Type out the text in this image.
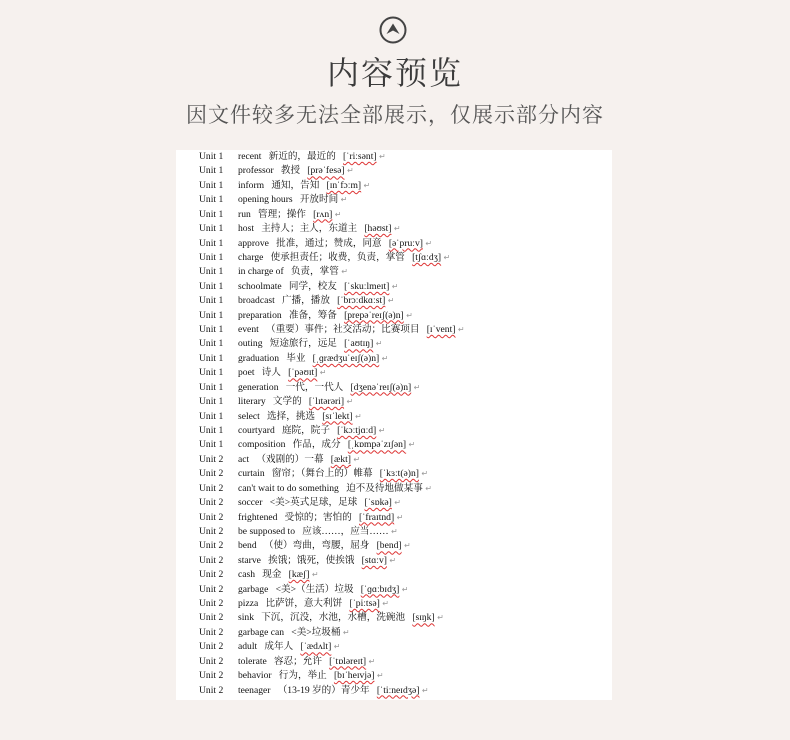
内容预览
因文件较多无法全部展示，仅展示部分内容
Unit 1 recent 新近的，最近的 [ˈriːsənt] ↵
Unit 1 professor 教授 [prəˈfesə] ↵
Unit 1 inform 通知，告知 [ɪnˈfɔːm] ↵
Unit 1 opening hours 开放时间 ↵
Unit 1 run 管理；操作 [rʌn] ↵
Unit 1 host 主持人；主人，东道主 [həʊst] ↵
Unit 1 approve 批准，通过；赞成，同意 [əˈpruːv] ↵
Unit 1 charge 使承担责任；收费，负责，掌管 [tʃɑːdʒ] ↵
Unit 1 in charge of 负责，掌管 ↵
Unit 1 schoolmate 同学，校友 [ˈskuːlmeɪt] ↵
Unit 1 broadcast 广播，播放 [ˈbrɔːdkɑːst] ↵
Unit 1 preparation 准备，筹备 [prepəˈreɪʃ(ə)n] ↵
Unit 1 event （重要）事件；社交活动；比赛项目 [ɪˈvent] ↵
Unit 1 outing 短途旅行，远足 [ˈaʊtɪŋ] ↵
Unit 1 graduation 毕业 [ˌɡrædʒuˈeɪʃ(ə)n] ↵
Unit 1 poet 诗人 [ˈpəʊɪt] ↵
Unit 1 generation 一代，一代人 [dʒenəˈreɪʃ(ə)n] ↵
Unit 1 literary 文学的 [ˈlɪtərəri] ↵
Unit 1 select 选择，挑选 [sɪˈlekt] ↵
Unit 1 courtyard 庭院，院子 [ˈkɔːtjɑːd] ↵
Unit 1 composition 作品，成分 [ˌkɒmpəˈzɪʃən] ↵
Unit 2 act （戏剧的）一幕 [ækt] ↵
Unit 2 curtain 窗帘；（舞台上的）帷幕 [ˈkɜːt(ə)n] ↵
Unit 2 can't wait to do something 迫不及待地做某事 ↵
Unit 2 soccer <美>英式足球，足球 [ˈsɒkə] ↵
Unit 2 frightened 受惊的；害怕的 [ˈfraɪtnd] ↵
Unit 2 be supposed to 应该……，应当…… ↵
Unit 2 bend （使）弯曲，弯腰，屈身 [bend] ↵
Unit 2 starve 挨饿；饿死，使挨饿 [stɑːv] ↵
Unit 2 cash 现金 [kæʃ] ↵
Unit 2 garbage <美>（生活）垃圾 [ˈɡɑːbɪdʒ] ↵
Unit 2 pizza 比萨饼，意大利饼 [ˈpiːtsə] ↵
Unit 2 sink 下沉，沉没，水池，水槽，洗碗池 [sɪŋk] ↵
Unit 2 garbage can <美>垃圾桶 ↵
Unit 2 adult 成年人 [ˈædʌlt] ↵
Unit 2 tolerate 容忍；允许 [ˈtɒləreɪt] ↵
Unit 2 behavior 行为，举止 [bɪˈheɪvjə] ↵
Unit 2 teenager （13-19 岁的）青少年 [ˈtiːneɪdʒə] ↵
